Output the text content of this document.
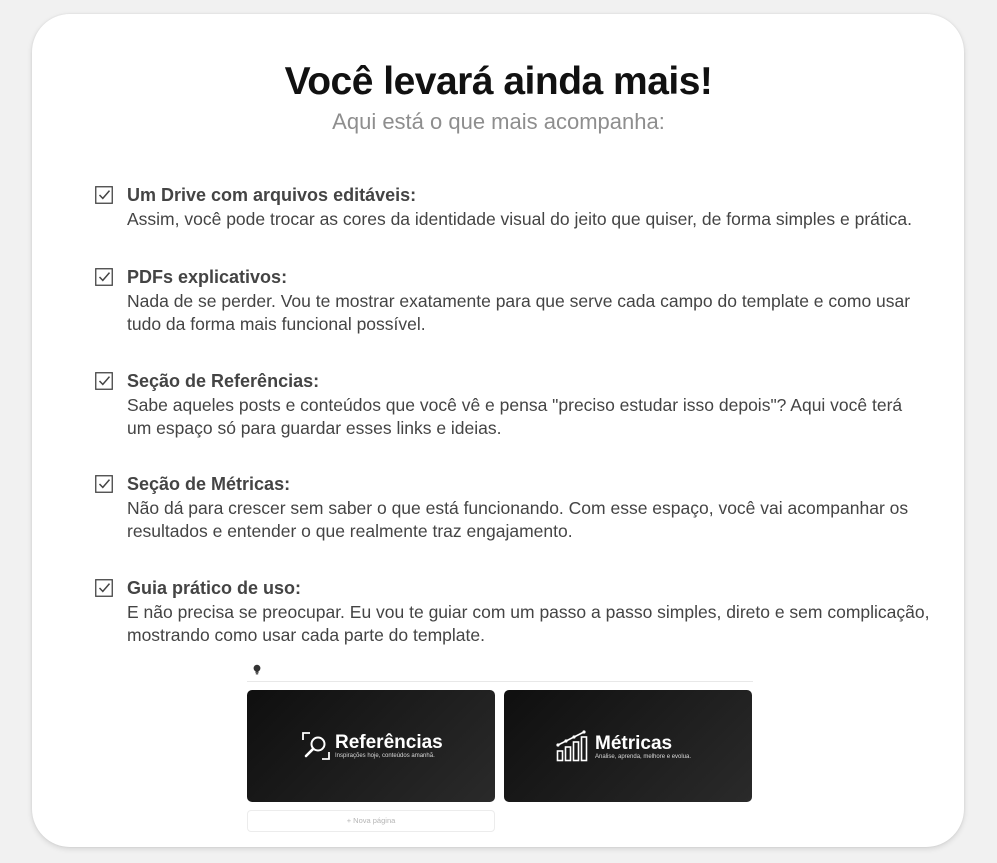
Você levará ainda mais!
Aqui está o que mais acompanha:
Um Drive com arquivos editáveis:
Assim, você pode trocar as cores da identidade visual do jeito que quiser, de forma simples e prática.
PDFs explicativos:
Nada de se perder. Vou te mostrar exatamente para que serve cada campo do template e como usar tudo da forma mais funcional possível.
Seção de Referências:
Sabe aqueles posts e conteúdos que você vê e pensa "preciso estudar isso depois"? Aqui você terá um espaço só para guardar esses links e ideias.
Seção de Métricas:
Não dá para crescer sem saber o que está funcionando. Com esse espaço, você vai acompanhar os resultados e entender o que realmente traz engajamento.
Guia prático de uso:
E não precisa se preocupar. Eu vou te guiar com um passo a passo simples, direto e sem complicação, mostrando como usar cada parte do template.
Referências
Inspirações hoje, conteúdos amanhã.
Métricas
Analise, aprenda, melhore e evolua.
+ Nova página
